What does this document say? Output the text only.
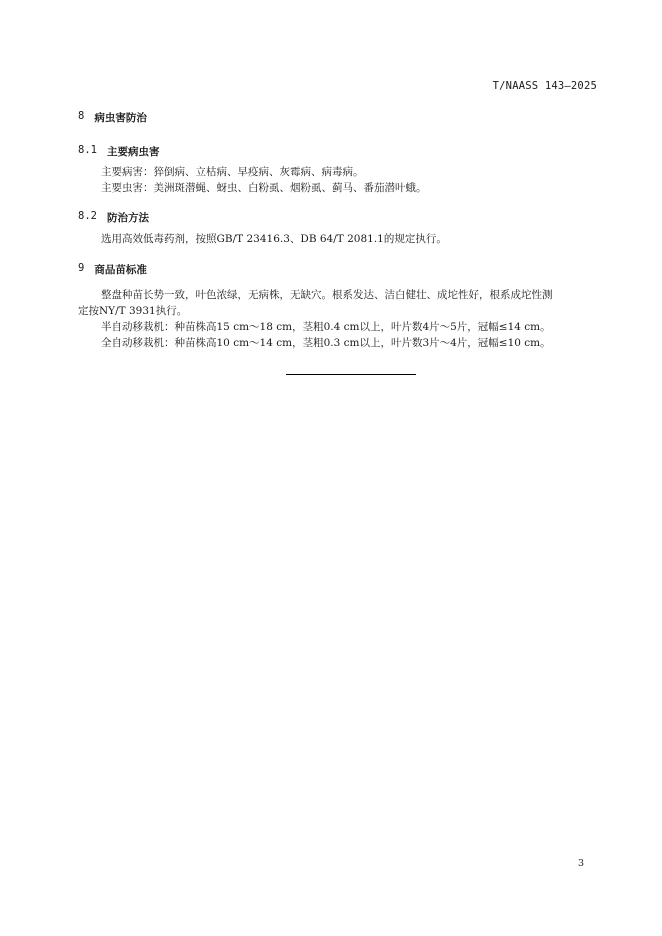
T/NAASS 143—2025
8 病虫害防治
8.1 主要病虫害
主要病害：猝倒病、立枯病、早疫病、灰霉病、病毒病。
主要虫害：美洲斑潜蝇、蚜虫、白粉虱、烟粉虱、蓟马、番茄潜叶蛾。
8.2 防治方法
选用高效低毒药剂，按照GB/T 23416.3、DB 64/T 2081.1的规定执行。
9 商品苗标准
整盘种苗长势一致，叶色浓绿，无病株，无缺穴。根系发达、洁白健壮、成坨性好，根系成坨性测
定按NY/T 3931执行。
半自动移栽机：种苗株高15 cm～18 cm，茎粗0.4 cm以上，叶片数4片～5片，冠幅≤14 cm。
全自动移栽机：种苗株高10 cm～14 cm，茎粗0.3 cm以上，叶片数3片～4片，冠幅≤10 cm。
3
